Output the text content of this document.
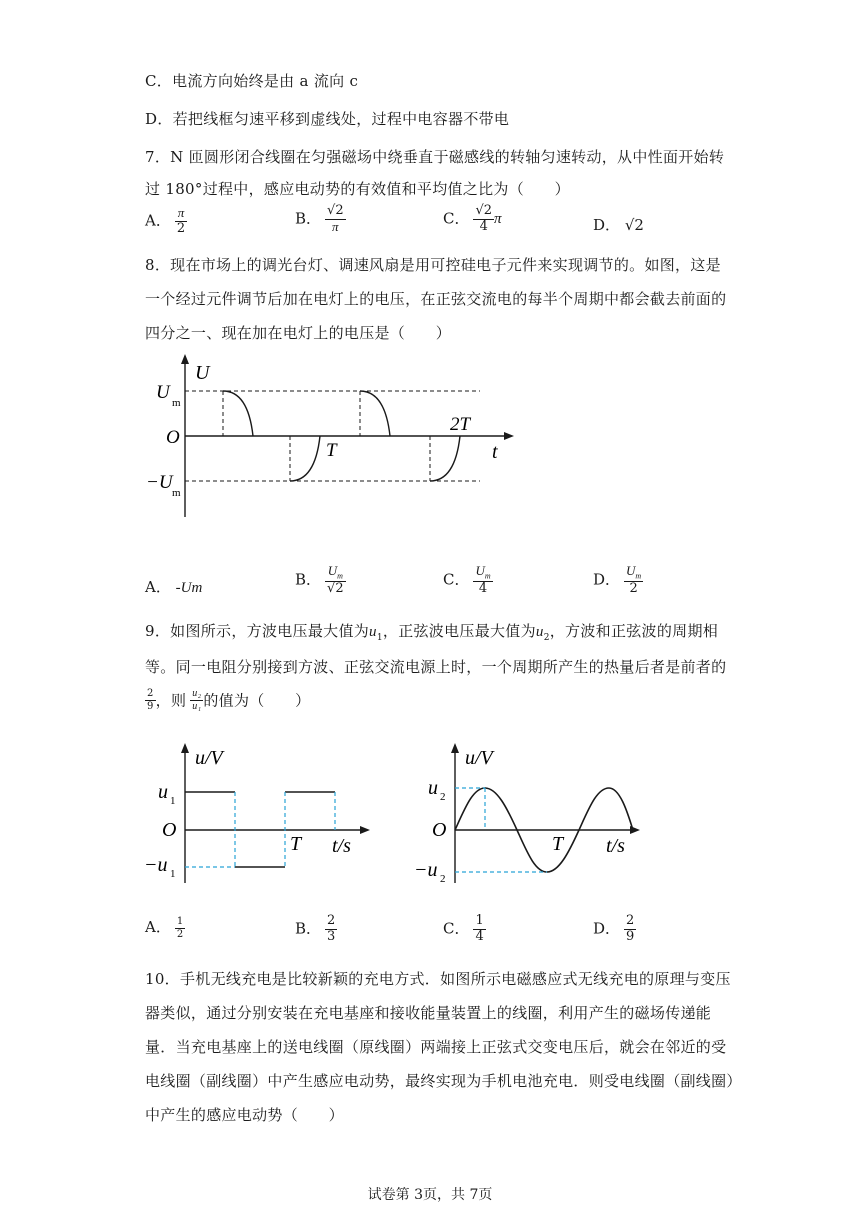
C．电流方向始终是由 a 流向 c
D．若把线框匀速平移到虚线处，过程中电容器不带电
7．N 匝圆形闭合线圈在匀强磁场中绕垂直于磁感线的转轴匀速转动，从中性面开始转
过 180°过程中，感应电动势的有效值和平均值之比为（　　）
A． $\frac{\pi}{2}$	B． $\frac{√2}{\pi}$	C． $\frac{√2}{4}$ π	D． √2
8．现在市场上的调光台灯、调速风扇是用可控硅电子元件来实现调节的。如图，这是
一个经过元件调节后加在电灯上的电压，在正弦交流电的每半个周期中都会截去前面的
四分之一、现在加在电灯上的电压是（　　）
U
U m
O
−U m
T
2T
t
A． -Um	B． $\frac{U_m}{√2}$	C． $\frac{U_m}{4}$	D． $\frac{U_m}{2}$
9．如图所示，方波电压最大值为$u_1$，正弦波电压最大值为$u_2$，方波和正弦波的周期相
等。同一电阻分别接到方波、正弦交流电源上时，一个周期所产生的热量后者是前者的
$\frac{2}{9}$ ，则 $\frac{\text{u₂}}{\text{u₁}}$ 的值为（　　）
u/V
u 1
O
−u 1
T t/s
u/V
u 2
O
−u 2
T t/s
A． $\frac{1}{2}$	B． $\frac{2}{3}$	C． $\frac{1}{4}$	D． $\frac{2}{9}$
10．手机无线充电是比较新颖的充电方式．如图所示电磁感应式无线充电的原理与变压
器类似，通过分别安装在充电基座和接收能量装置上的线圈，利用产生的磁场传递能
量．当充电基座上的送电线圈（原线圈）两端接上正弦式交变电压后，就会在邻近的受
电线圈（副线圈）中产生感应电动势，最终实现为手机电池充电．则受电线圈（副线圈）
中产生的感应电动势（　　）
试卷第 3页，共 7页
